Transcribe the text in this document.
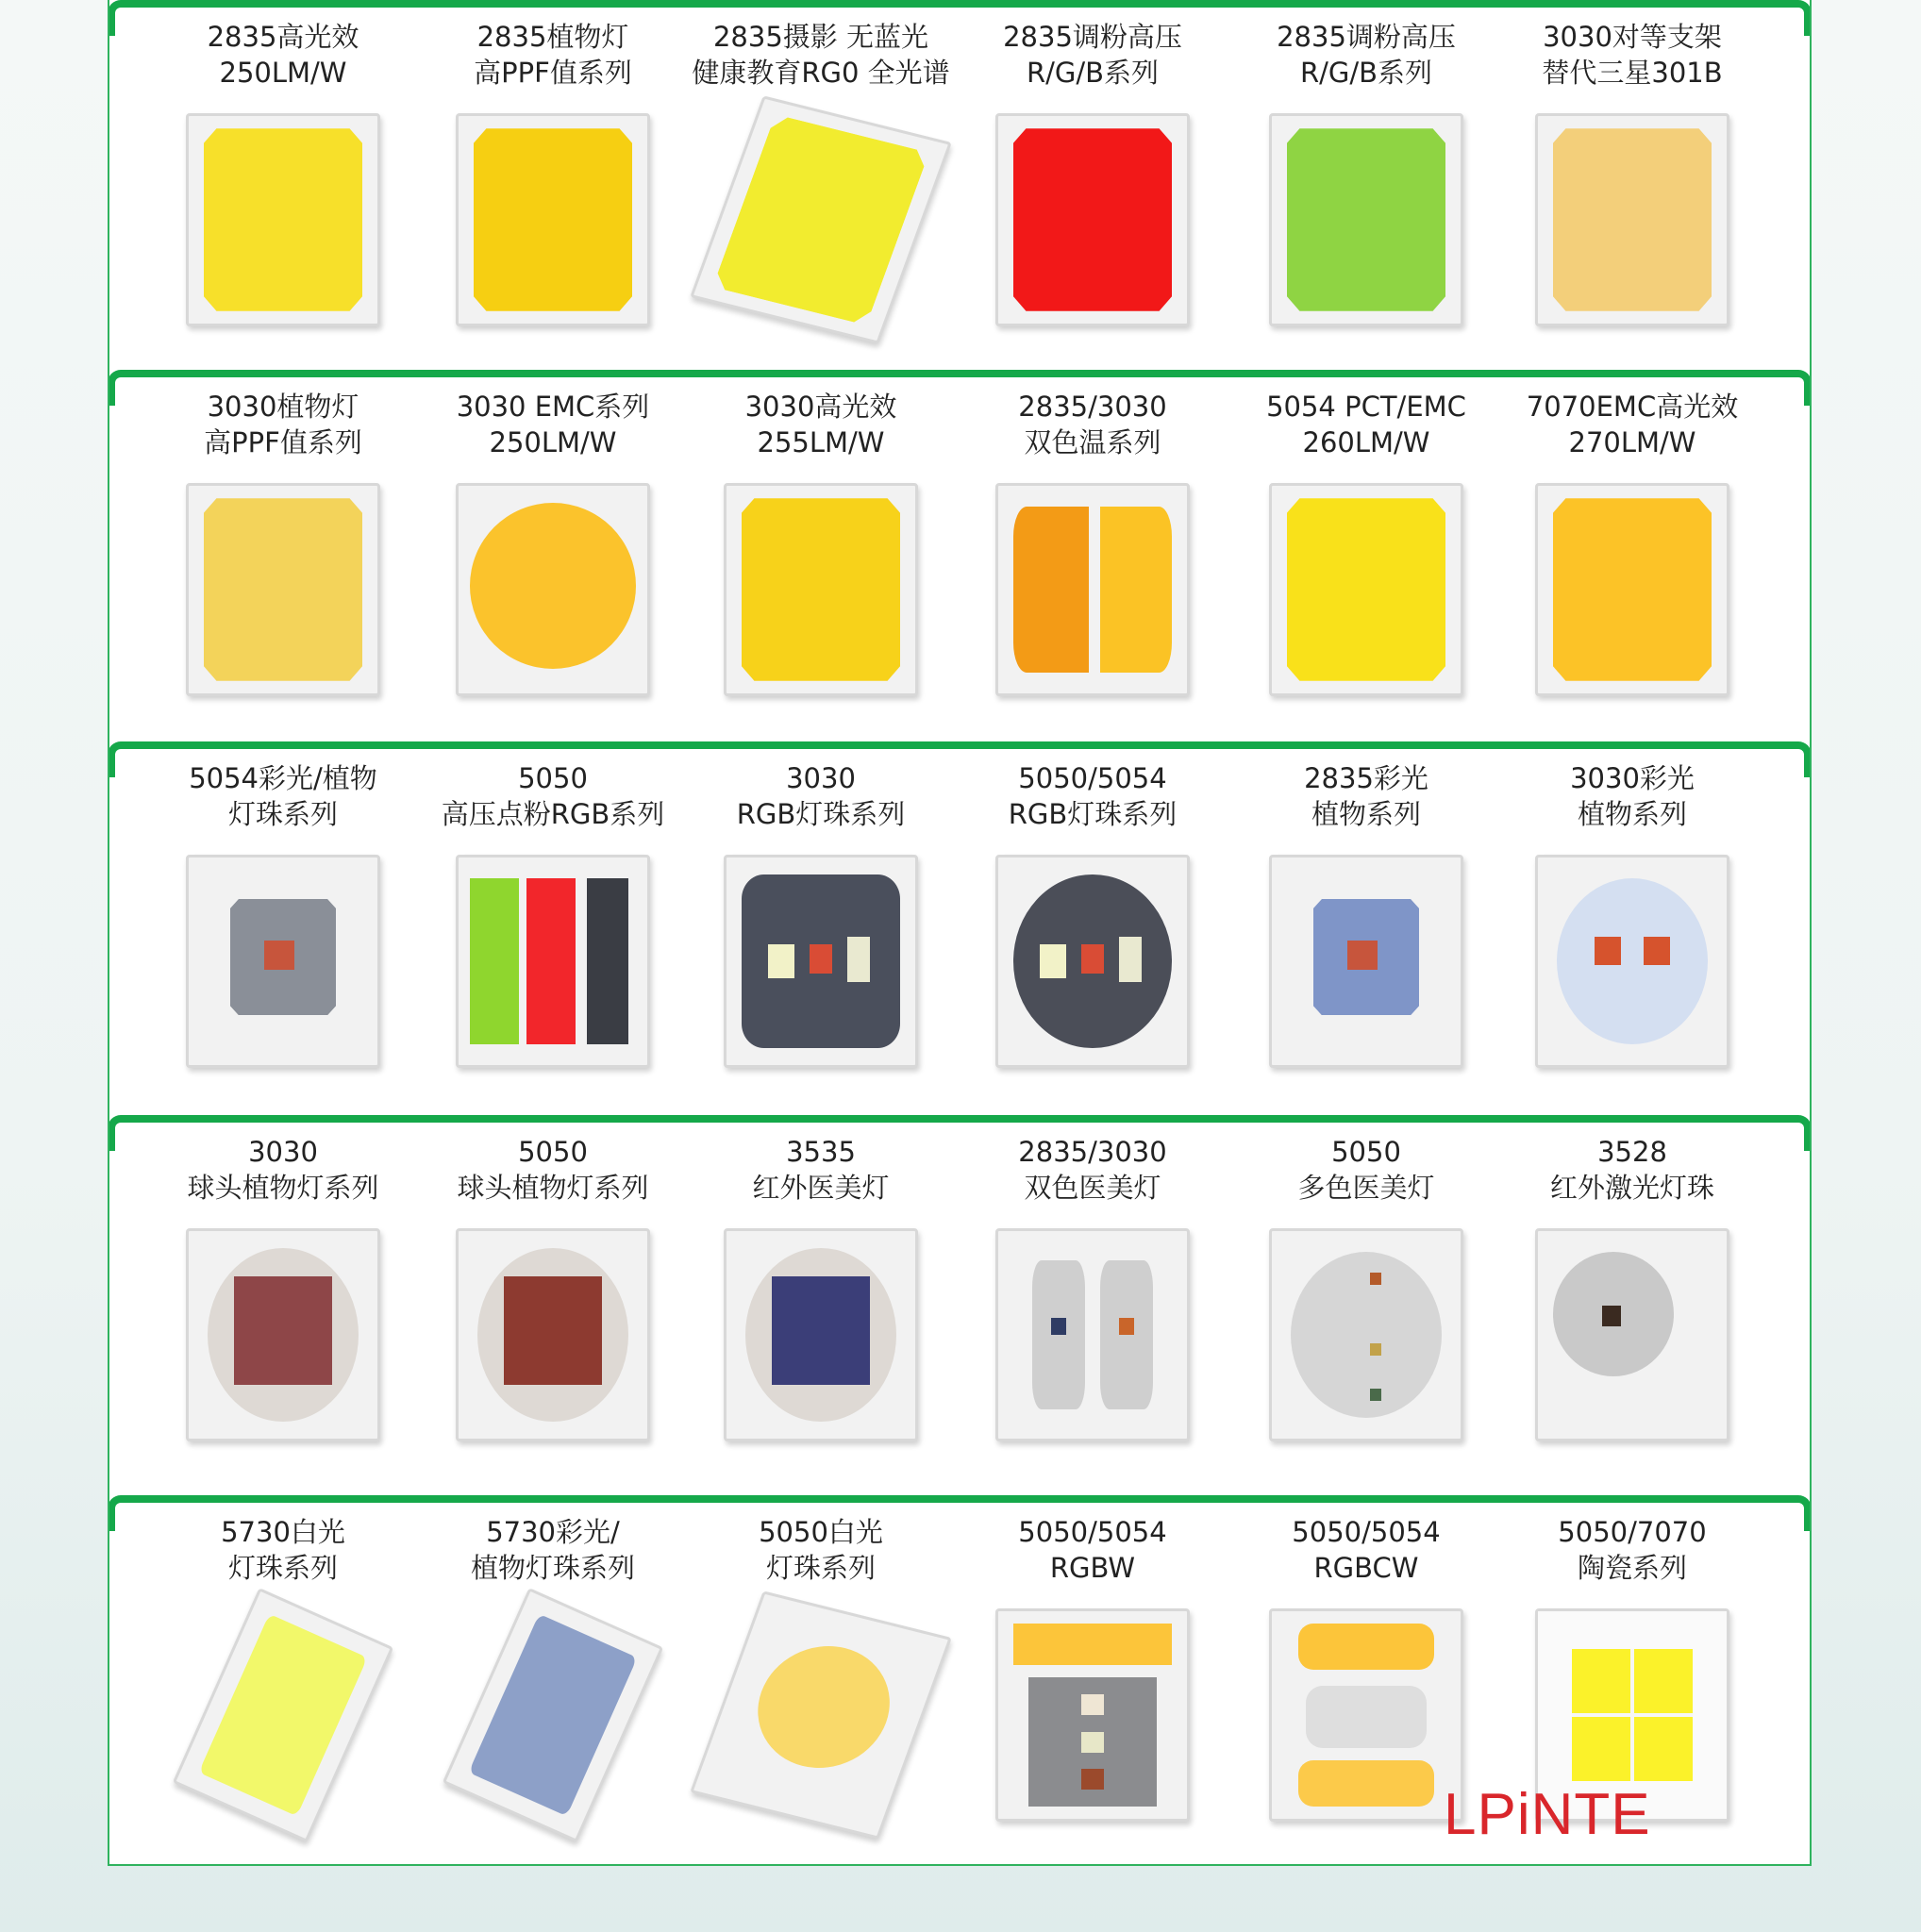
2835高光效
250LM/W
2835植物灯
高PPF值系列
2835摄影 无蓝光
健康教育RG0 全光谱
2835调粉高压
R/G/B系列
2835调粉高压
R/G/B系列
3030对等支架
替代三星301B
3030植物灯
高PPF值系列
3030 EMC系列
250LM/W
3030高光效
255LM/W
2835/3030
双色温系列
5054 PCT/EMC
260LM/W
7070EMC高光效
270LM/W
5054彩光/植物
灯珠系列
5050
高压点粉RGB系列
3030
RGB灯珠系列
5050/5054
RGB灯珠系列
2835彩光
植物系列
3030彩光
植物系列
3030
球头植物灯系列
5050
球头植物灯系列
3535
红外医美灯
2835/3030
双色医美灯
5050
多色医美灯
3528
红外激光灯珠
5730白光
灯珠系列
5730彩光/
植物灯珠系列
5050白光
灯珠系列
5050/5054
RGBW
5050/5054
RGBCW
5050/7070
陶瓷系列
LPiNTE
